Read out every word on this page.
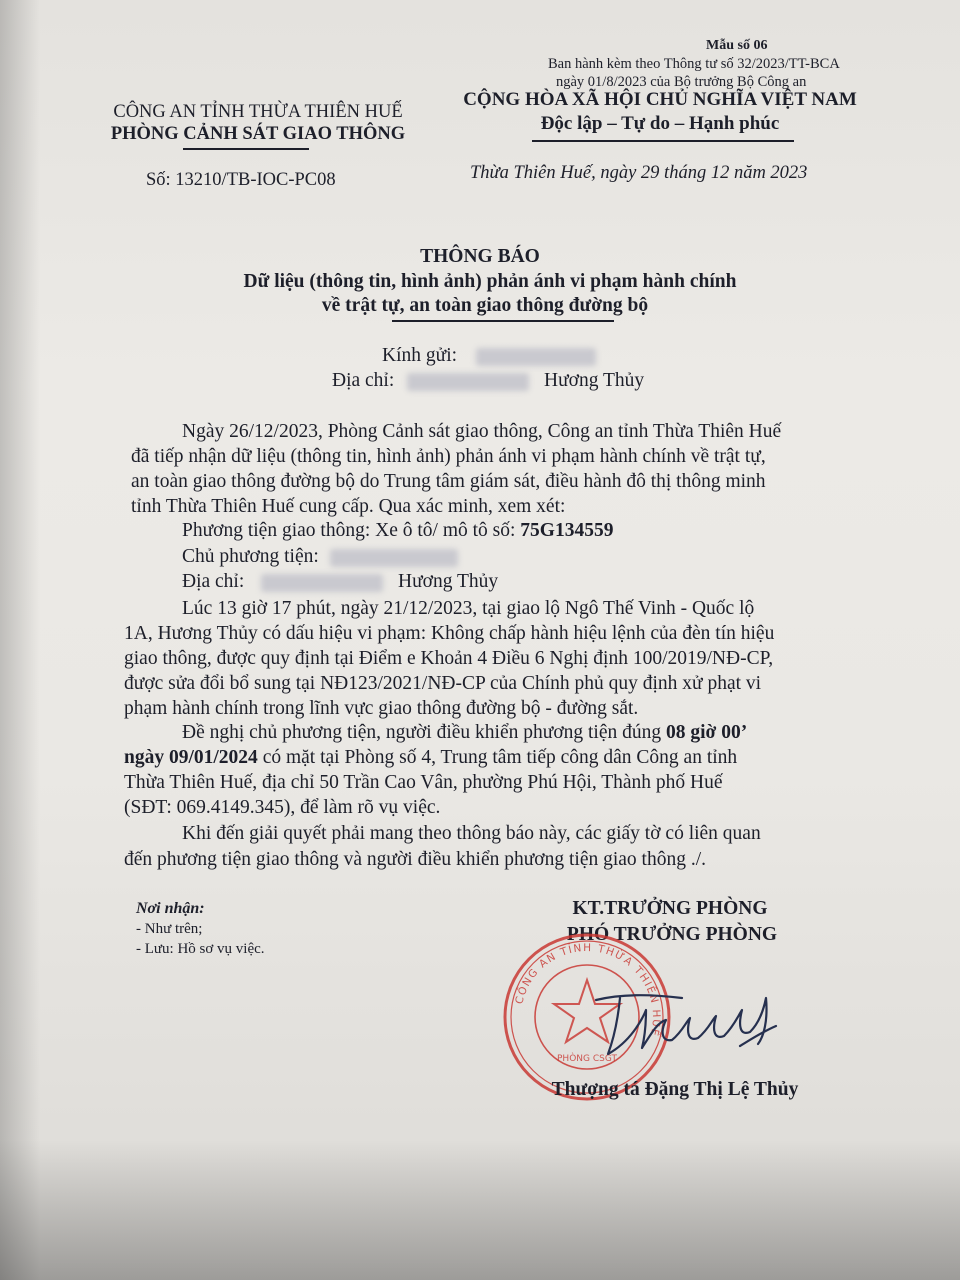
Mẫu số 06
Ban hành kèm theo Thông tư số 32/2023/TT-BCA
ngày 01/8/2023 của Bộ trưởng Bộ Công an
CÔNG AN TỈNH THỪA THIÊN HUẾ
PHÒNG CẢNH SÁT GIAO THÔNG
Số: 13210/TB-IOC-PC08
CỘNG HÒA XÃ HỘI CHỦ NGHĨA VIỆT NAM
Độc lập – Tự do – Hạnh phúc
Thừa Thiên Huế, ngày 29 tháng 12 năm 2023
THÔNG BÁO
Dữ liệu (thông tin, hình ảnh) phản ánh vi phạm hành chính
về trật tự, an toàn giao thông đường bộ
Kính gửi:
Địa chỉ:	Hương Thủy
Ngày 26/12/2023, Phòng Cảnh sát giao thông, Công an tỉnh Thừa Thiên Huế
đã tiếp nhận dữ liệu (thông tin, hình ảnh) phản ánh vi phạm hành chính về trật tự,
an toàn giao thông đường bộ do Trung tâm giám sát, điều hành đô thị thông minh
tỉnh Thừa Thiên Huế cung cấp. Qua xác minh, xem xét:
Phương tiện giao thông: Xe ô tô/ mô tô số: 75G134559
Chủ phương tiện:
Địa chỉ:	Hương Thủy
Lúc 13 giờ 17 phút, ngày 21/12/2023, tại giao lộ Ngô Thế Vinh - Quốc lộ
1A, Hương Thủy có dấu hiệu vi phạm: Không chấp hành hiệu lệnh của đèn tín hiệu
giao thông, được quy định tại Điểm e Khoản 4 Điều 6 Nghị định 100/2019/NĐ-CP,
được sửa đổi bổ sung tại NĐ123/2021/NĐ-CP của Chính phủ quy định xử phạt vi
phạm hành chính trong lĩnh vực giao thông đường bộ - đường sắt.
Đề nghị chủ phương tiện, người điều khiển phương tiện đúng 08 giờ 00’
ngày 09/01/2024 có mặt tại Phòng số 4, Trung tâm tiếp công dân Công an tỉnh
Thừa Thiên Huế, địa chỉ 50 Trần Cao Vân, phường Phú Hội, Thành phố Huế
(SĐT: 069.4149.345), để làm rõ vụ việc.
Khi đến giải quyết phải mang theo thông báo này, các giấy tờ có liên quan
đến phương tiện giao thông và người điều khiển phương tiện giao thông ./.
Nơi nhận:
- Như trên;
- Lưu: Hồ sơ vụ việc.
KT.TRƯỞNG PHÒNG
PHÓ TRƯỞNG PHÒNG
CÔNG AN TỈNH THỪA THIÊN HUẾ
PHÒNG CSGT
Thượng tá Đặng Thị Lệ Thủy
